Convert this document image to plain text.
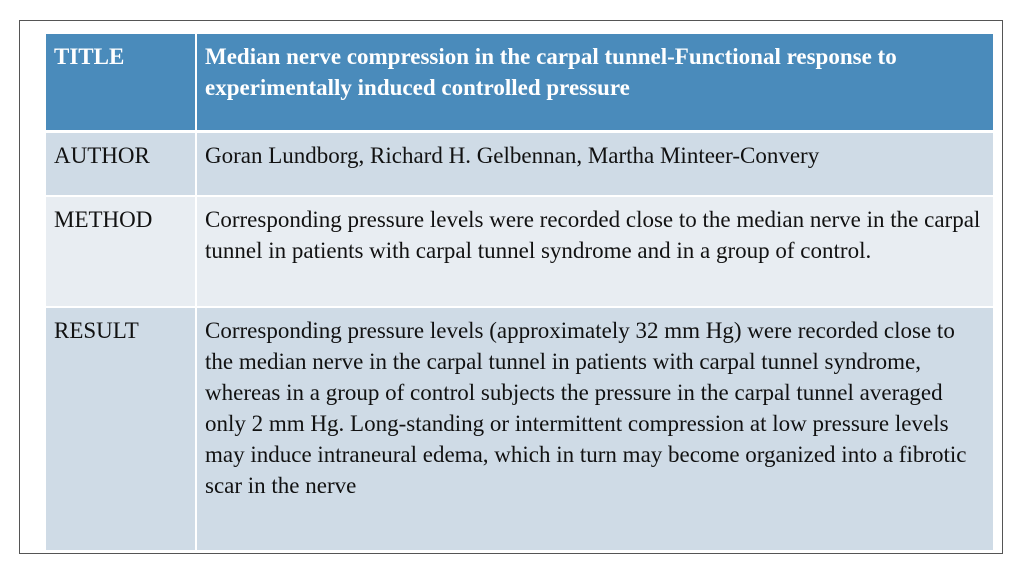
TITLE	Median nerve compression in the carpal tunnel-Functional response to experimentally induced controlled pressure
AUTHOR	Goran Lundborg, Richard H. Gelbennan, Martha Minteer-Convery
METHOD	Corresponding pressure levels were recorded close to the median nerve in the carpal tunnel in patients with carpal tunnel syndrome and in a group of control.
RESULT	Corresponding pressure levels (approximately 32 mm Hg) were recorded close to the median nerve in the carpal tunnel in patients with carpal tunnel syndrome, whereas in a group of control subjects the pressure in the carpal tunnel averaged only 2 mm Hg. Long-standing or intermittent compression at low pressure levels may induce intraneural edema, which in turn may become organized into a fibrotic scar in the nerve
